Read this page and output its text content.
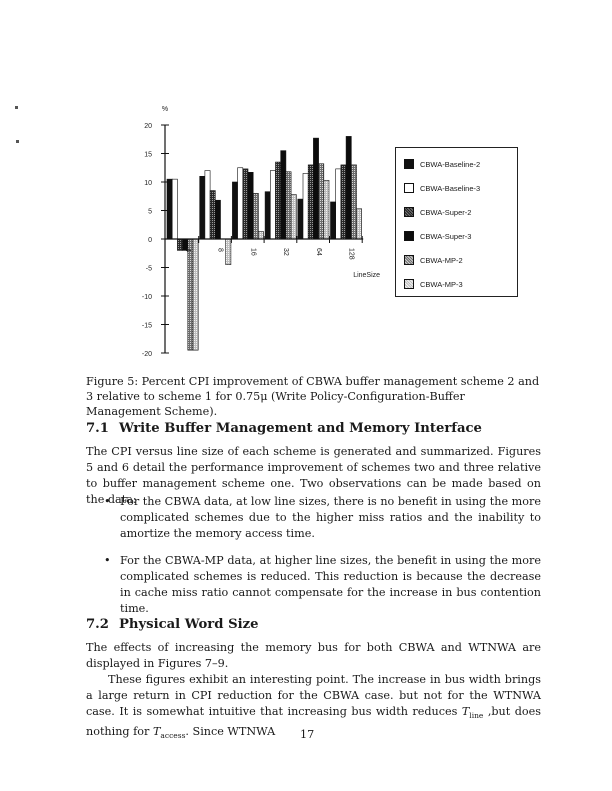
%
20
15
10
5
0
-5
-10
-15
-20
4	8	16	32	64	128
LineSize
CBWA-Baseline-2
CBWA-Baseline-3
CBWA-Super-2
CBWA-Super-3
CBWA-MP-2
CBWA-MP-3
Figure 5: Percent CPI improvement of CBWA buffer management scheme 2 and 3 relative to scheme 1 for 0.75μ (Write Policy-Configuration-Buffer Management Scheme).
7.1 Write Buffer Management and Memory Interface
The CPI versus line size of each scheme is generated and summarized. Figures 5 and 6 detail the performance improvement of schemes two and three relative to buffer management scheme one. Two observations can be made based on the data:
• For the CBWA data, at low line sizes, there is no benefit in using the more complicated schemes due to the higher miss ratios and the inability to amortize the memory access time.
• For the CBWA-MP data, at higher line sizes, the benefit in using the more complicated schemes is reduced. This reduction is because the decrease in cache miss ratio cannot compensate for the increase in bus contention time.
7.2 Physical Word Size
The effects of increasing the memory bus for both CBWA and WTNWA are displayed in Figures 7–9.
These figures exhibit an interesting point. The increase in bus width brings a large return in CPI reduction for the CBWA case. but not for the WTNWA case. It is somewhat intuitive that increasing bus width reduces $T_{line}$ ,but does nothing for $T_{access}$. Since WTNWA	17
